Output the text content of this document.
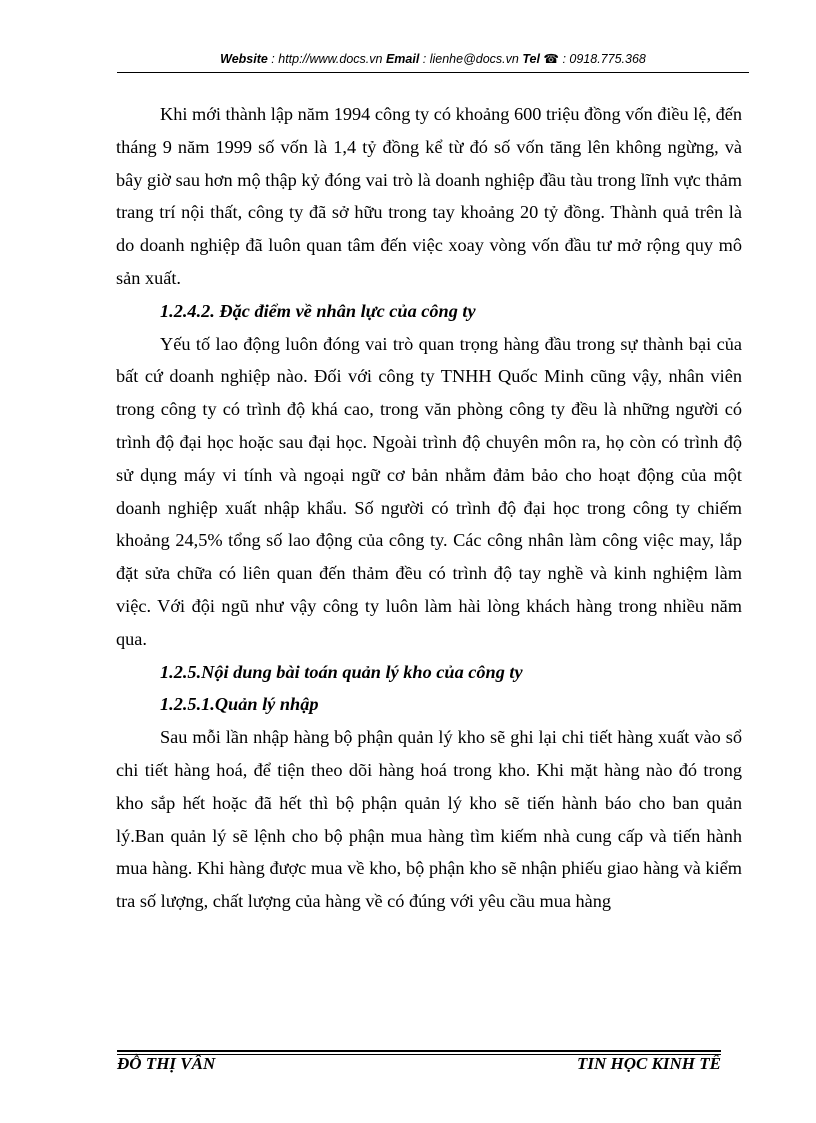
Website : http://www.docs.vn Email : lienhe@docs.vn Tel ☎ : 0918.775.368

Khi mới thành lập năm 1994 công ty có khoảng 600 triệu đồng vốn điều lệ, đến tháng 9 năm 1999 số vốn là 1,4 tỷ đồng kể từ đó số vốn tăng lên không ngừng, và bây giờ sau hơn mộ thập kỷ đóng vai trò là doanh nghiệp đầu tàu trong lĩnh vực thảm trang trí nội thất, công ty đã sở hữu trong tay khoảng 20 tỷ đồng. Thành quả trên là do doanh nghiệp đã luôn quan tâm đến việc xoay vòng vốn đầu tư mở rộng quy mô sản xuất.

1.2.4.2. Đặc điểm về nhân lực của công ty

Yếu tố lao động luôn đóng vai trò quan trọng hàng đầu trong sự thành bại của bất cứ doanh nghiệp nào. Đối với công ty TNHH Quốc Minh cũng vậy, nhân viên trong công ty có trình độ khá cao, trong văn phòng công ty đều là những người có trình độ đại học hoặc sau đại học. Ngoài trình độ chuyên môn ra, họ còn có trình độ sử dụng máy vi tính và ngoại ngữ cơ bản nhằm đảm bảo cho hoạt động của một doanh nghiệp xuất nhập khẩu. Số người có trình độ đại học trong công ty chiếm khoảng 24,5% tổng số lao động của công ty. Các công nhân làm công việc may, lắp đặt sửa chữa có liên quan đến thảm đều có trình độ tay nghề và kinh nghiệm làm việc. Với đội ngũ như vậy công ty luôn làm hài lòng khách hàng trong nhiều năm qua.

1.2.5.Nội dung bài toán quản lý kho của công ty
1.2.5.1.Quản lý nhập

Sau mỗi lần nhập hàng bộ phận quản lý kho sẽ ghi lại chi tiết hàng xuất vào sổ chi tiết hàng hoá, để tiện theo dõi hàng hoá trong kho. Khi mặt hàng nào đó trong kho sắp hết hoặc đã hết thì bộ phận quản lý kho sẽ tiến hành báo cho ban quản lý.Ban quản lý sẽ lệnh cho bộ phận mua hàng tìm kiếm nhà cung cấp và tiến hành mua hàng. Khi hàng được mua về kho, bộ phận kho sẽ nhận phiếu giao hàng và kiểm tra số lượng, chất lượng của hàng về có đúng với yêu cầu mua hàng

ĐỖ THỊ VÂN	TIN HỌC KINH TẾ
